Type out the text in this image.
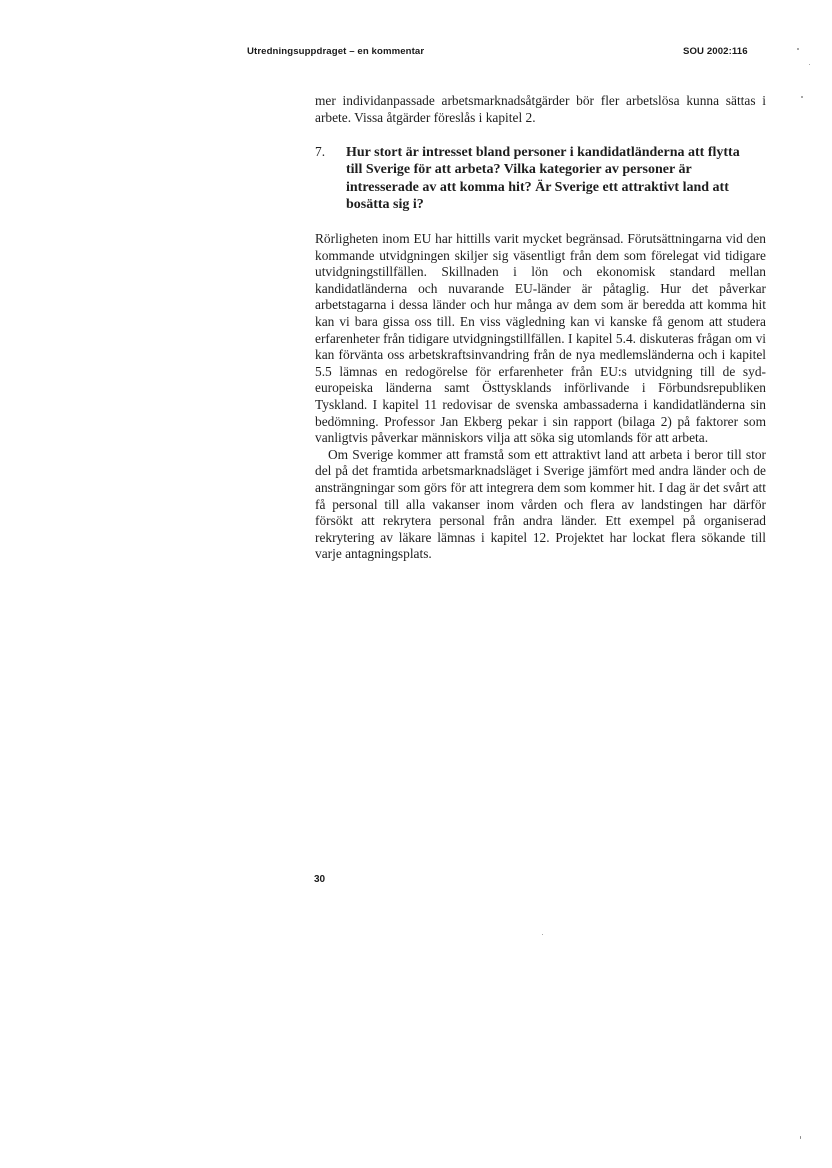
Utredningsuppdraget – en kommentar	SOU 2002:116

mer individanpassade arbetsmarknadsåtgärder bör fler arbetslösa kunna sättas i arbete. Vissa åtgärder föreslås i kapitel 2.

7.	Hur stort är intresset bland personer i kandidatländerna att flytta till Sverige för att arbeta? Vilka kategorier av personer är intresserade av att komma hit? Är Sverige ett attraktivt land att bosätta sig i?

Rörligheten inom EU har hittills varit mycket begränsad. Förutsättningarna vid den kommande utvidgningen skiljer sig väsentligt från dem som förelegat vid tidigare utvidgningstillfällen. Skillnaden i lön och ekonomisk standard mellan kandidatländerna och nuvarande EU-länder är påtaglig. Hur det påverkar arbetstagarna i dessa länder och hur många av dem som är beredda att komma hit kan vi bara gissa oss till. En viss vägledning kan vi kanske få genom att studera erfarenheter från tidigare utvidgningstillfällen. I kapitel 5.4. diskuteras frågan om vi kan förvänta oss arbetskraftsinvandring från de nya medlemsländerna och i kapitel 5.5 lämnas en redogörelse för erfarenheter från EU:s utvidgning till de sydeuropeiska länderna samt Östtysklands införlivande i Förbundsrepubliken Tyskland. I kapitel 11 redovisar de svenska ambassaderna i kandidatländerna sin bedömning. Professor Jan Ekberg pekar i sin rapport (bilaga 2) på faktorer som vanligtvis påverkar människors vilja att söka sig utomlands för att arbeta.

Om Sverige kommer att framstå som ett attraktivt land att arbeta i beror till stor del på det framtida arbetsmarknadsläget i Sverige jämfört med andra länder och de ansträngningar som görs för att integrera dem som kommer hit. I dag är det svårt att få personal till alla vakanser inom vården och flera av landstingen har därför försökt att rekrytera personal från andra länder. Ett exempel på organiserad rekrytering av läkare lämnas i kapitel 12. Projektet har lockat flera sökande till varje antagningsplats.

30
